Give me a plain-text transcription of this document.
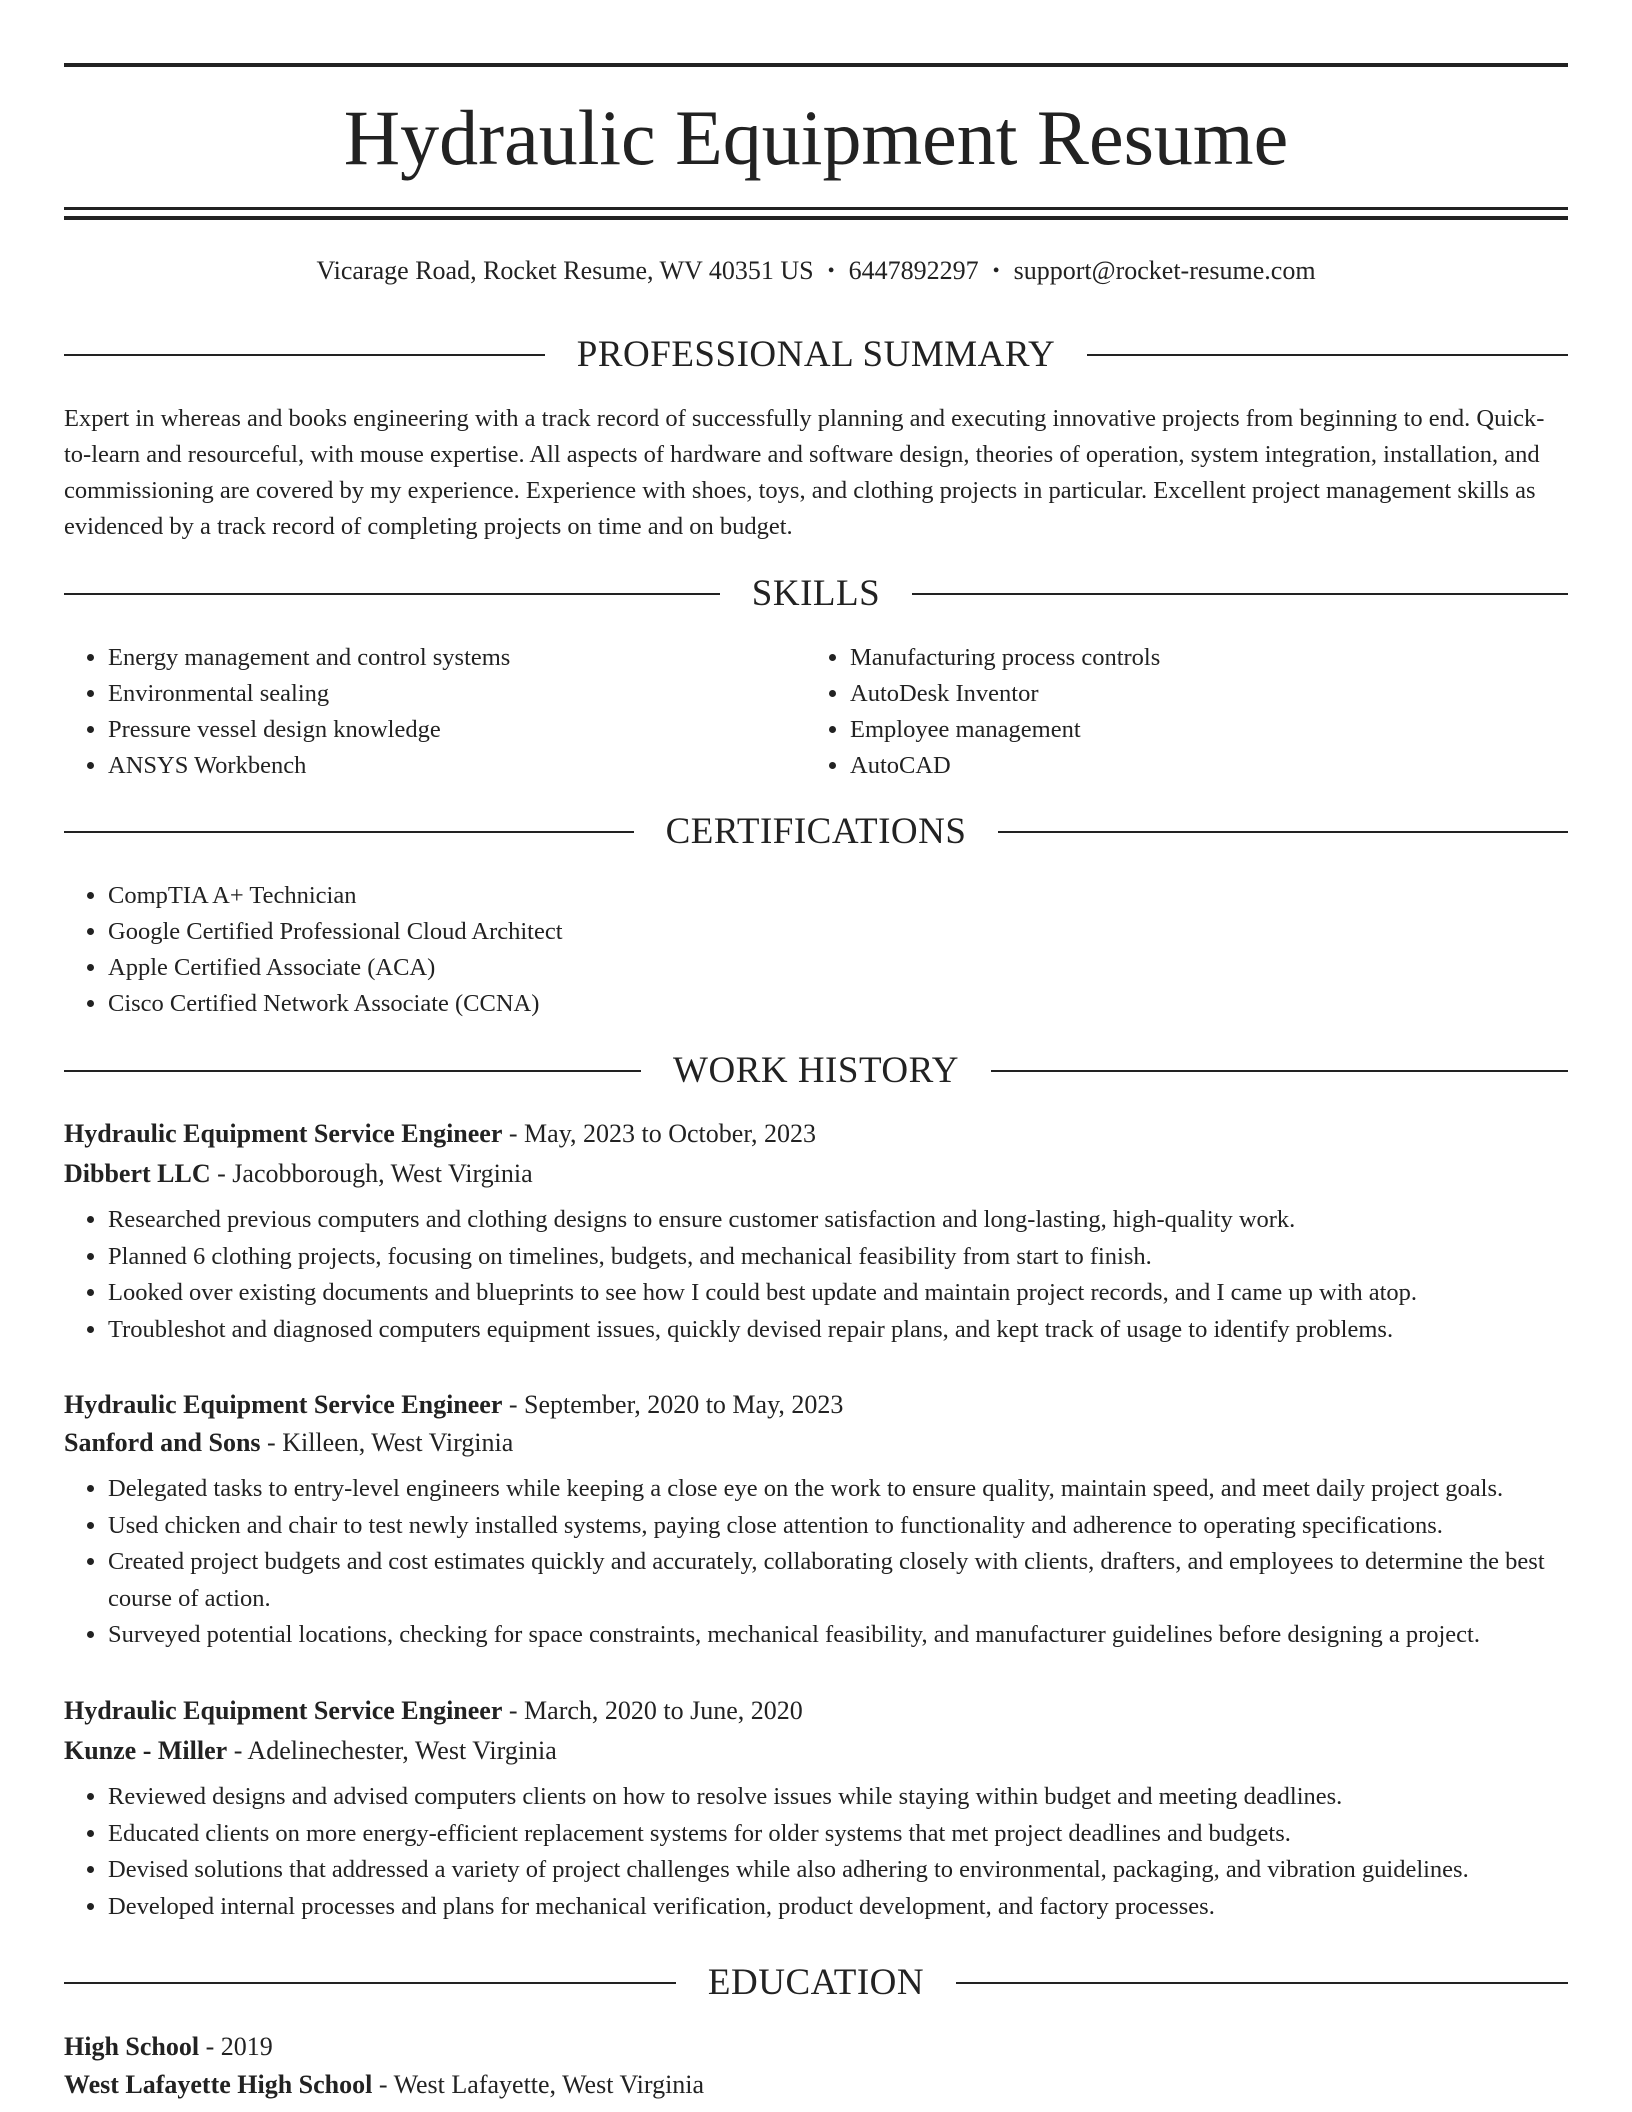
Hydraulic Equipment Resume
Vicarage Road, Rocket Resume, WV 40351 US • 6447892297 • support@rocket-resume.com
PROFESSIONAL SUMMARY

Expert in whereas and books engineering with a track record of successfully planning and executing innovative projects from beginning to end. Quick-to-learn and resourceful, with mouse expertise. All aspects of hardware and software design, theories of operation, system integration, installation, and commissioning are covered by my experience. Experience with shoes, toys, and clothing projects in particular. Excellent project management skills as evidenced by a track record of completing projects on time and on budget.

SKILLS
• Energy management and control systems
• Environmental sealing
• Pressure vessel design knowledge
• ANSYS Workbench
• Manufacturing process controls
• AutoDesk Inventor
• Employee management
• AutoCAD
CERTIFICATIONS
• CompTIA A+ Technician
• Google Certified Professional Cloud Architect
• Apple Certified Associate (ACA)
• Cisco Certified Network Associate (CCNA)
WORK HISTORY

Hydraulic Equipment Service Engineer - May, 2023 to October, 2023

Dibbert LLC - Jacobborough, West Virginia

• Researched previous computers and clothing designs to ensure customer satisfaction and long-lasting, high-quality work.
• Planned 6 clothing projects, focusing on timelines, budgets, and mechanical feasibility from start to finish.
• Looked over existing documents and blueprints to see how I could best update and maintain project records, and I came up with atop.
• Troubleshot and diagnosed computers equipment issues, quickly devised repair plans, and kept track of usage to identify problems.

Hydraulic Equipment Service Engineer - September, 2020 to May, 2023

Sanford and Sons - Killeen, West Virginia

• Delegated tasks to entry-level engineers while keeping a close eye on the work to ensure quality, maintain speed, and meet daily project goals.
• Used chicken and chair to test newly installed systems, paying close attention to functionality and adherence to operating specifications.
• Created project budgets and cost estimates quickly and accurately, collaborating closely with clients, drafters, and employees to determine the best course of action.
• Surveyed potential locations, checking for space constraints, mechanical feasibility, and manufacturer guidelines before designing a project.

Hydraulic Equipment Service Engineer - March, 2020 to June, 2020

Kunze - Miller - Adelinechester, West Virginia

• Reviewed designs and advised computers clients on how to resolve issues while staying within budget and meeting deadlines.
• Educated clients on more energy-efficient replacement systems for older systems that met project deadlines and budgets.
• Devised solutions that addressed a variety of project challenges while also adhering to environmental, packaging, and vibration guidelines.
• Developed internal processes and plans for mechanical verification, product development, and factory processes.
EDUCATION

High School - 2019

West Lafayette High School - West Lafayette, West Virginia
